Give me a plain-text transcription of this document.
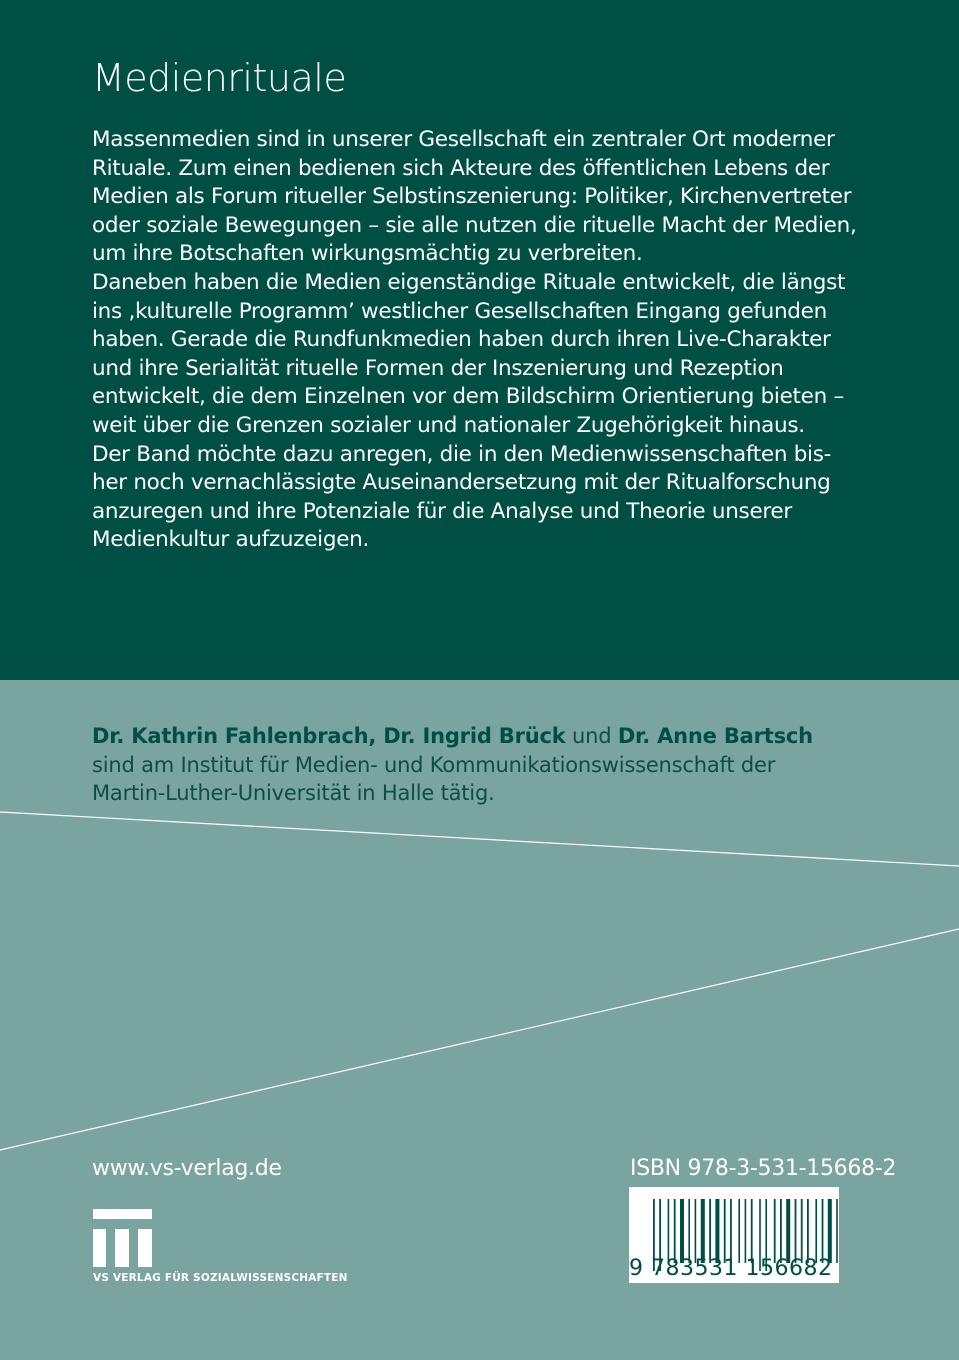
Medienrituale
Massenmedien sind in unserer Gesellschaft ein zentraler Ort moderner
Rituale. Zum einen bedienen sich Akteure des öffentlichen Lebens der
Medien als Forum ritueller Selbstinszenierung: Politiker, Kirchenvertreter
oder soziale Bewegungen – sie alle nutzen die rituelle Macht der Medien,
um ihre Botschaften wirkungsmächtig zu verbreiten.
Daneben haben die Medien eigenständige Rituale entwickelt, die längst
ins ‚kulturelle Programm’ westlicher Gesellschaften Eingang gefunden
haben. Gerade die Rundfunkmedien haben durch ihren Live-Charakter
und ihre Serialität rituelle Formen der Inszenierung und Rezeption
entwickelt, die dem Einzelnen vor dem Bildschirm Orientierung bieten –
weit über die Grenzen sozialer und nationaler Zugehörigkeit hinaus.
Der Band möchte dazu anregen, die in den Medienwissenschaften bis-
her noch vernachlässigte Auseinandersetzung mit der Ritualforschung
anzuregen und ihre Potenziale für die Analyse und Theorie unserer
Medienkultur aufzuzeigen.
Dr. Kathrin Fahlenbrach, Dr. Ingrid Brück und Dr. Anne Bartsch
sind am Institut für Medien- und Kommunikationswissenschaft der
Martin-Luther-Universität in Halle tätig.
www.vs-verlag.de
VS VERLAG FÜR SOZIALWISSENSCHAFTEN
ISBN 978-3-531-15668-2
9 783531 156682
